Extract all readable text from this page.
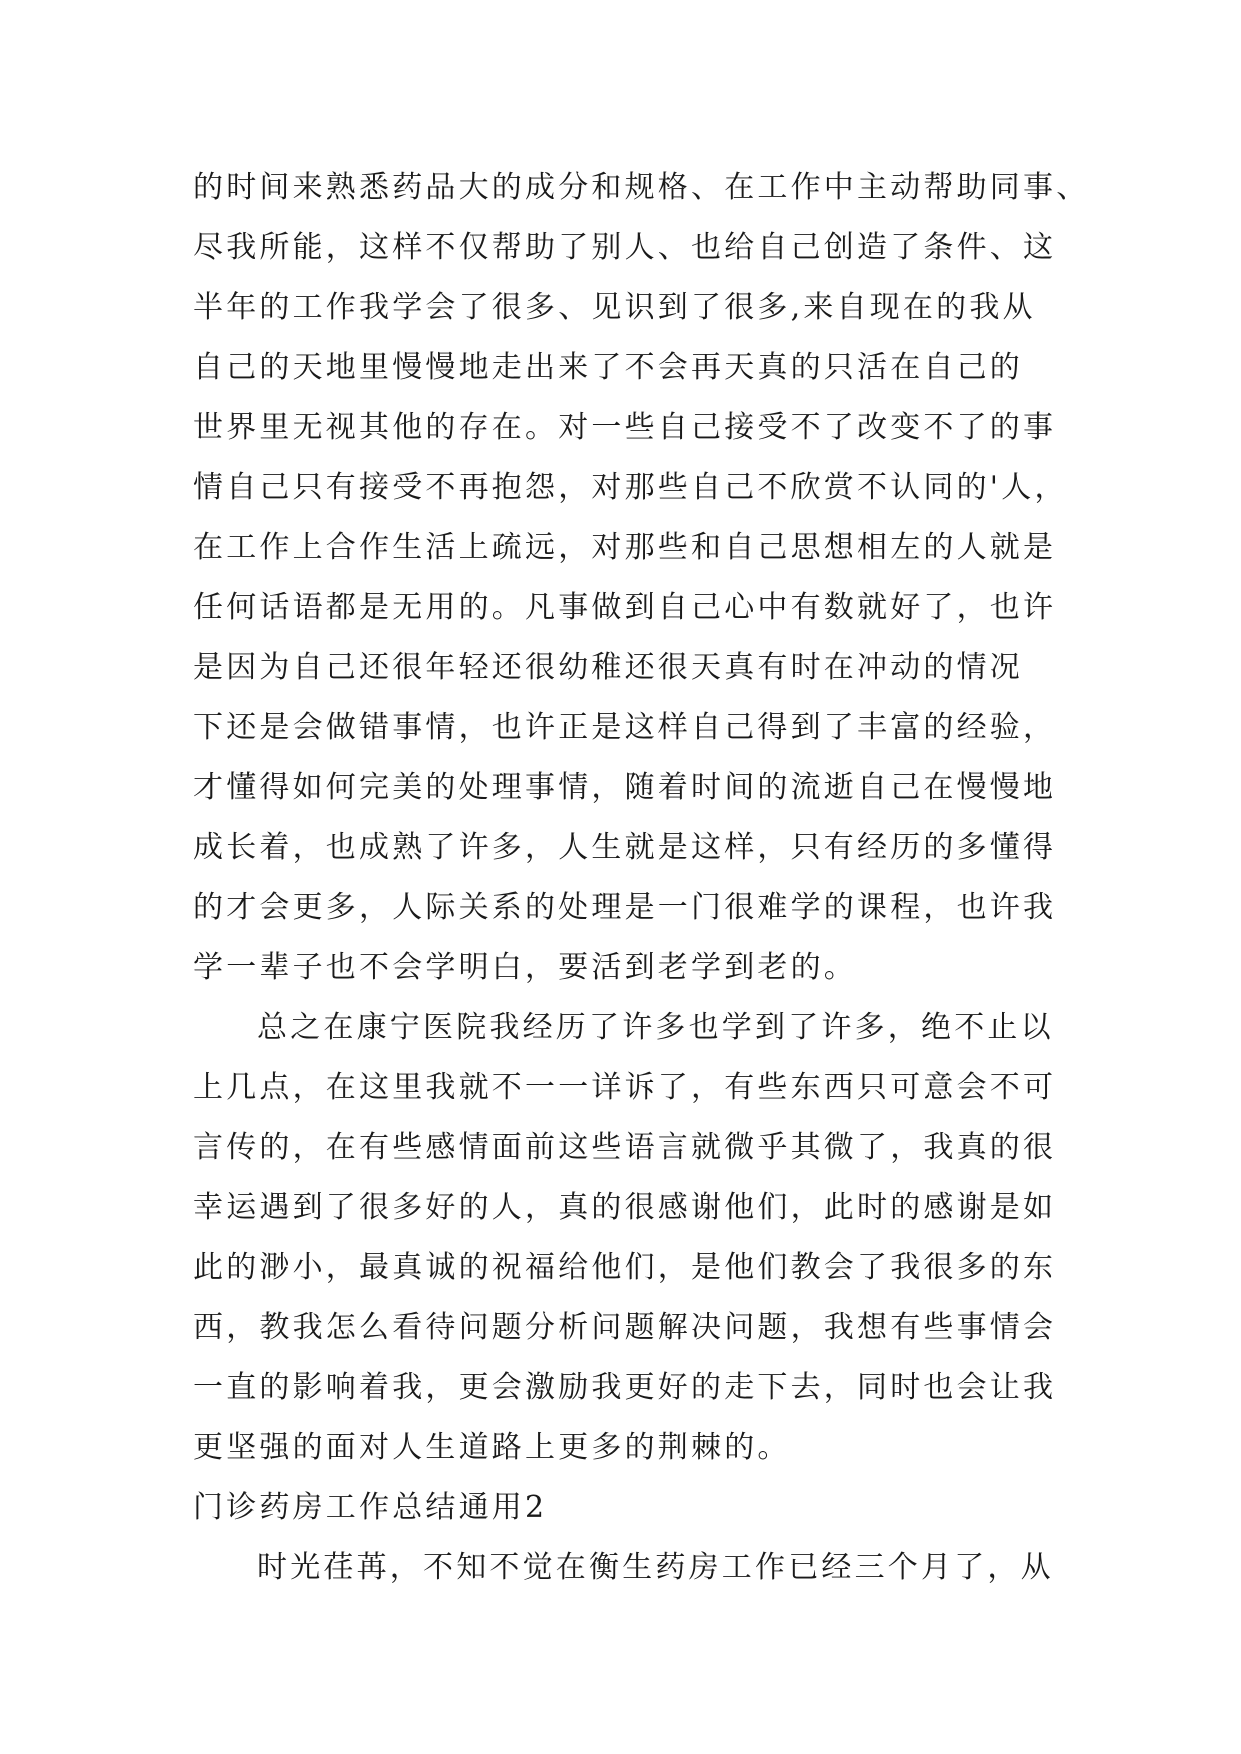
的时间来熟悉药品大的成分和规格、在工作中主动帮助同事、
尽我所能，这样不仅帮助了别人、也给自己创造了条件、这
半年的工作我学会了很多、见识到了很多,来自现在的我从
自己的天地里慢慢地走出来了不会再天真的只活在自己的
世界里无视其他的存在。对一些自己接受不了改变不了的事
情自己只有接受不再抱怨，对那些自己不欣赏不认同的'人，
在工作上合作生活上疏远，对那些和自己思想相左的人就是
任何话语都是无用的。凡事做到自己心中有数就好了，也许
是因为自己还很年轻还很幼稚还很天真有时在冲动的情况
下还是会做错事情，也许正是这样自己得到了丰富的经验，
才懂得如何完美的处理事情，随着时间的流逝自己在慢慢地
成长着，也成熟了许多，人生就是这样，只有经历的多懂得
的才会更多，人际关系的处理是一门很难学的课程，也许我
学一辈子也不会学明白，要活到老学到老的。
总之在康宁医院我经历了许多也学到了许多，绝不止以
上几点，在这里我就不一一详诉了，有些东西只可意会不可
言传的，在有些感情面前这些语言就微乎其微了，我真的很
幸运遇到了很多好的人，真的很感谢他们，此时的感谢是如
此的渺小，最真诚的祝福给他们，是他们教会了我很多的东
西，教我怎么看待问题分析问题解决问题，我想有些事情会
一直的影响着我，更会激励我更好的走下去，同时也会让我
更坚强的面对人生道路上更多的荆棘的。
门诊药房工作总结通用2
时光荏苒，不知不觉在衡生药房工作已经三个月了，从
